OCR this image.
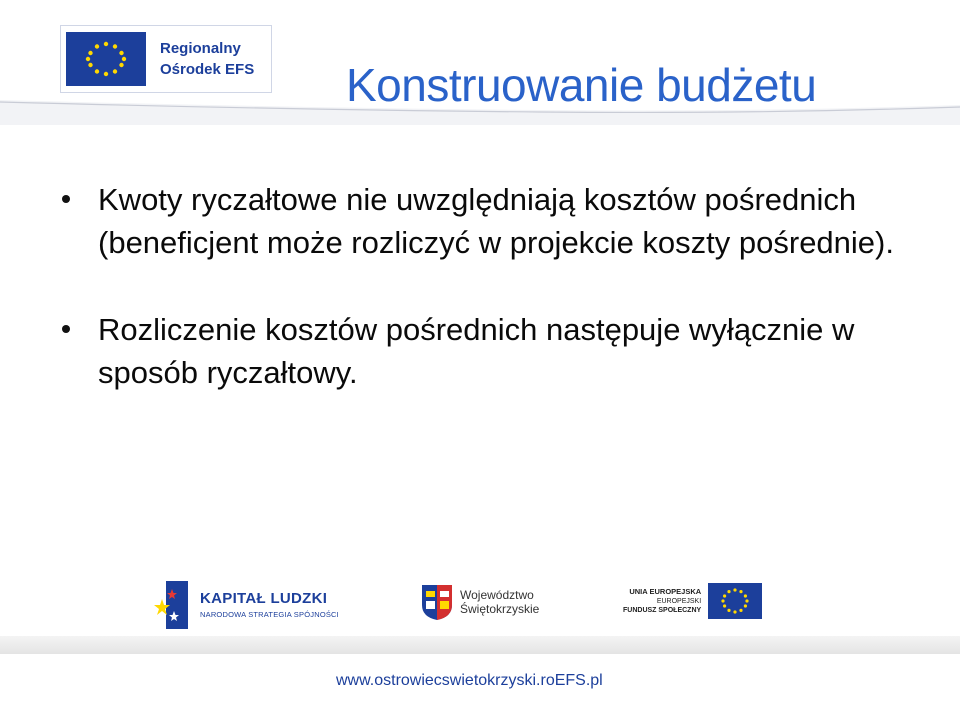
Regionalny
Ośrodek EFS Konstruowanie budżetu
Kwoty ryczałtowe nie uwzględniają kosztów pośrednich (beneficjent może rozliczyć w projekcie koszty pośrednie).
Rozliczenie kosztów pośrednich następuje wyłącznie w sposób ryczałtowy.
KAPITAŁ LUDZKI
NARODOWA STRATEGIA SPÓJNOŚCI
Województwo
Świętokrzyskie
UNIA EUROPEJSKA
EUROPEJSKI
FUNDUSZ SPOŁECZNY
www.ostrowiecswietokrzyski.roEFS.pl
